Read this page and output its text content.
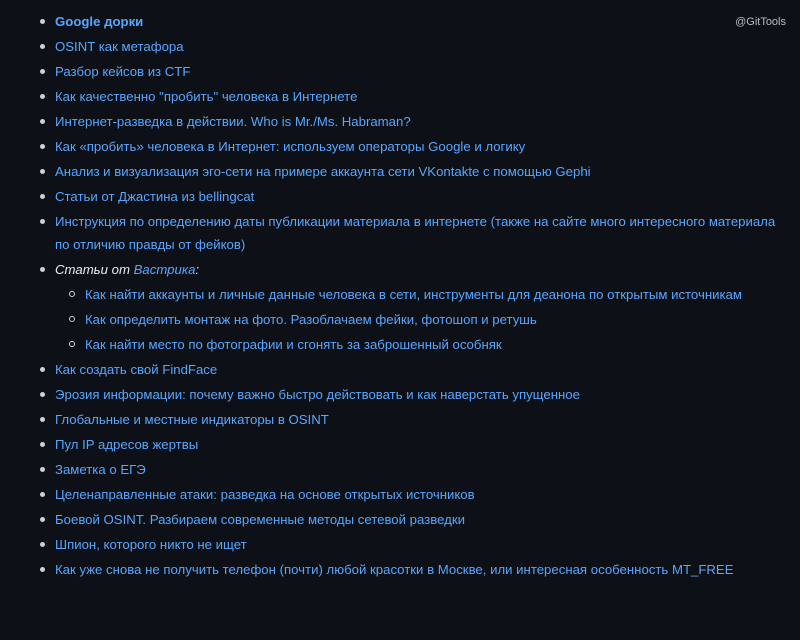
@GitTools
Google дорки
OSINT как метафора
Разбор кейсов из CTF
Как качественно "пробить" человека в Интернете
Интернет-разведка в действии. Who is Mr./Ms. Habraman?
Как «пробить» человека в Интернет: используем операторы Google и логику
Анализ и визуализация эго-сети на примере аккаунта сети VKontakte с помощью Gephi
Статьи от Джастина из bellingcat
Инструкция по определению даты публикации материала в интернете (также на сайте много интересного материала по отличию правды от фейков)
Статьи от Вастрика:
Как найти аккаунты и личные данные человека в сети, инструменты для деанона по открытым источникам
Как определить монтаж на фото. Разоблачаем фейки, фотошоп и ретушь
Как найти место по фотографии и сгонять за заброшенный особняк
Как создать свой FindFace
Эрозия информации: почему важно быстро действовать и как наверстать упущенное
Глобальные и местные индикаторы в OSINT
Пул IP адресов жертвы
Заметка о ЕГЭ
Целенаправленные атаки: разведка на основе открытых источников
Боевой OSINT. Разбираем современные методы сетевой разведки
Шпион, которого никто не ищет
Как уже снова не получить телефон (почти) любой красотки в Москве, или интересная особенность MT_FREE
